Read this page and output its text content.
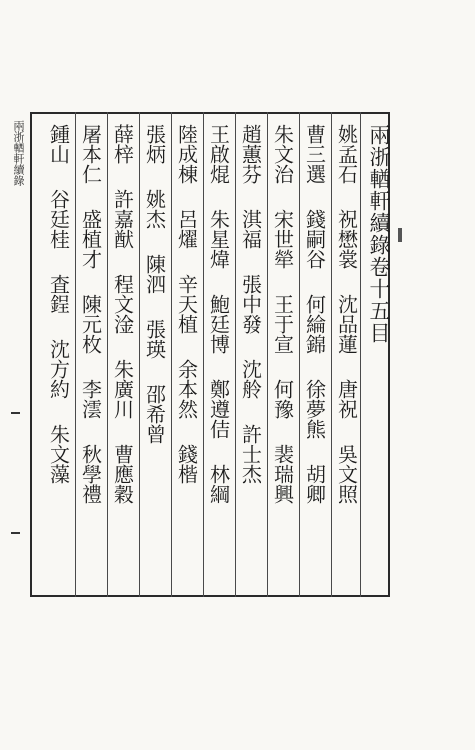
兩浙輶軒續錄	兩浙輶軒續錄卷十五目
姚孟石
祝懋裳
沈品蓮
唐祝
吳文照
曹三選
錢嗣谷
何綸錦
徐夢熊
胡卿
朱文治
宋世犖
王于宣
何豫
裴瑞興
趙蕙芬
淇福
張中發
沈舲
許士杰
王啟焜
朱星煒
鮑廷博
鄭遵佶
林綱
陸成棟
呂燿
辛天植
余本然
錢楷
張炳
姚杰
陳泗
張瑛
邵希曾
薛梓
許嘉猷
程文淦
朱廣川
曹應穀
屠本仁
盛植才
陳元枚
李澐
秋學禮
鍾山
谷廷桂
査鋥
沈方約
朱文藻
